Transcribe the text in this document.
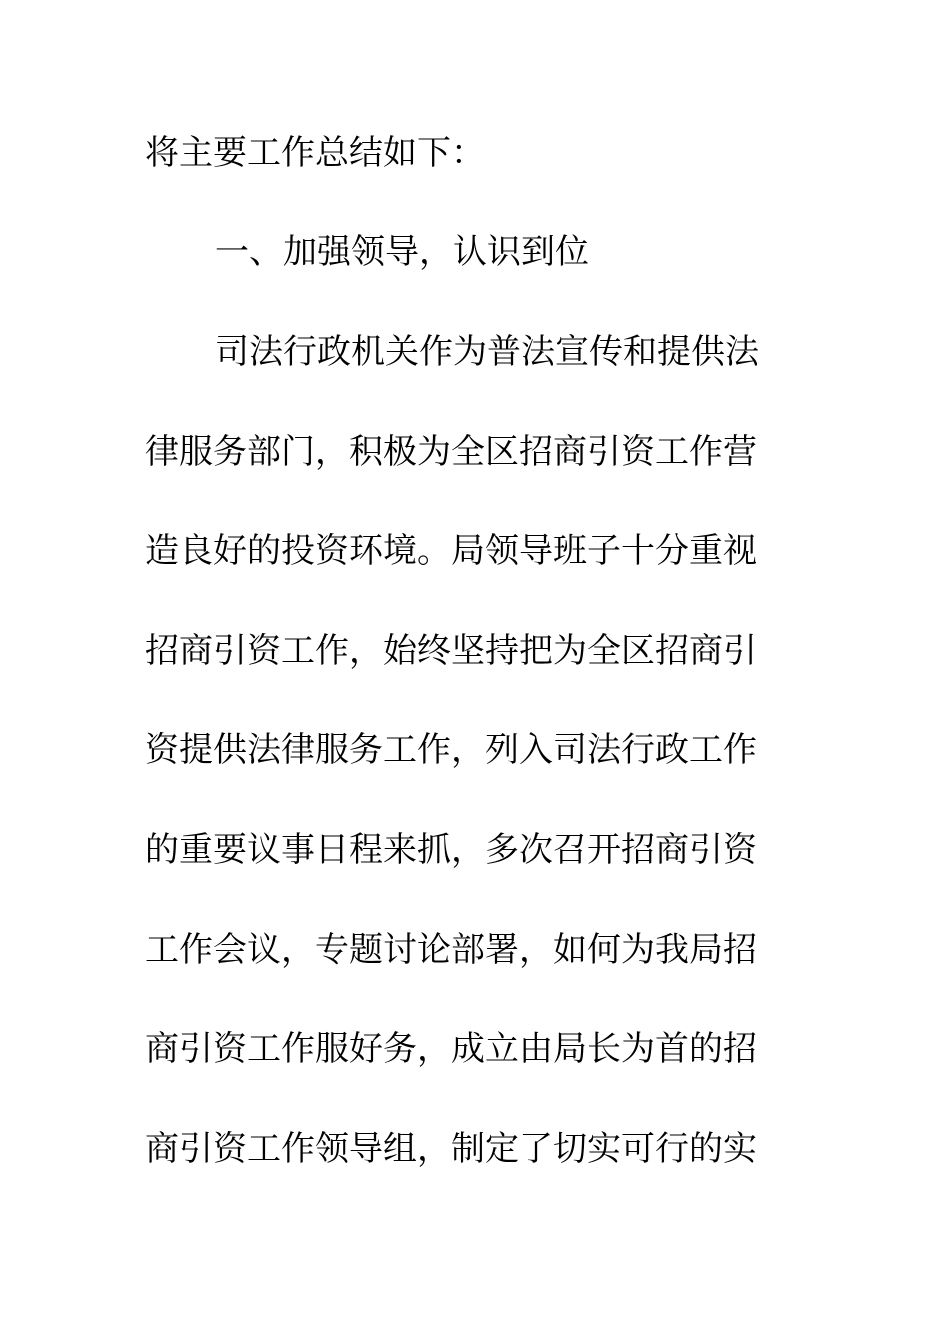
将主要工作总结如下：
一、加强领导，认识到位
司法行政机关作为普法宣传和提供法
律服务部门，积极为全区招商引资工作营
造良好的投资环境。局领导班子十分重视
招商引资工作，始终坚持把为全区招商引
资提供法律服务工作，列入司法行政工作
的重要议事日程来抓，多次召开招商引资
工作会议，专题讨论部署，如何为我局招
商引资工作服好务，成立由局长为首的招
商引资工作领导组，制定了切实可行的实
